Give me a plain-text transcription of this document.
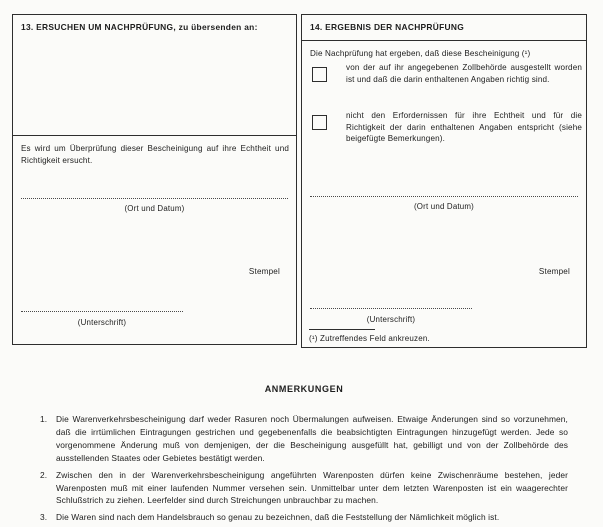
13. ERSUCHEN UM NACHPRÜFUNG, zu übersenden an:
Es wird um Überprüfung dieser Bescheinigung auf ihre Echtheit und Richtigkeit ersucht.
(Ort und Datum)
Stempel
(Unterschrift)
14. ERGEBNIS DER NACHPRÜFUNG
Die Nachprüfung hat ergeben, daß diese Bescheinigung (¹)
von der auf ihr angegebenen Zollbehörde ausgestellt worden ist und daß die darin enthaltenen Angaben richtig sind.
nicht den Erfordernissen für ihre Echtheit und für die Richtigkeit der darin enthaltenen Angaben entspricht (siehe beigefügte Bemerkungen).
(Ort und Datum)
Stempel
(Unterschrift)
(¹) Zutreffendes Feld ankreuzen.
ANMERKUNGEN
1.	Die Warenverkehrsbescheinigung darf weder Rasuren noch Übermalungen aufweisen. Etwaige Änderungen sind so vorzunehmen, daß die irrtümlichen Eintragungen gestrichen und gegebenenfalls die beabsichtigten Eintragungen hinzugefügt werden. Jede so vorgenommene Änderung muß von demjenigen, der die Bescheinigung ausgefüllt hat, gebilligt und von der Zollbehörde des ausstellenden Staates oder Gebietes bestätigt werden.
2.	Zwischen den in der Warenverkehrsbescheinigung angeführten Warenposten dürfen keine Zwischenräume bestehen, jeder Warenposten muß mit einer laufenden Nummer versehen sein. Unmittelbar unter dem letzten Warenposten ist ein waagerechter Schlußstrich zu ziehen. Leerfelder sind durch Streichungen unbrauchbar zu machen.
3.	Die Waren sind nach dem Handelsbrauch so genau zu bezeichnen, daß die Feststellung der Nämlichkeit möglich ist.
